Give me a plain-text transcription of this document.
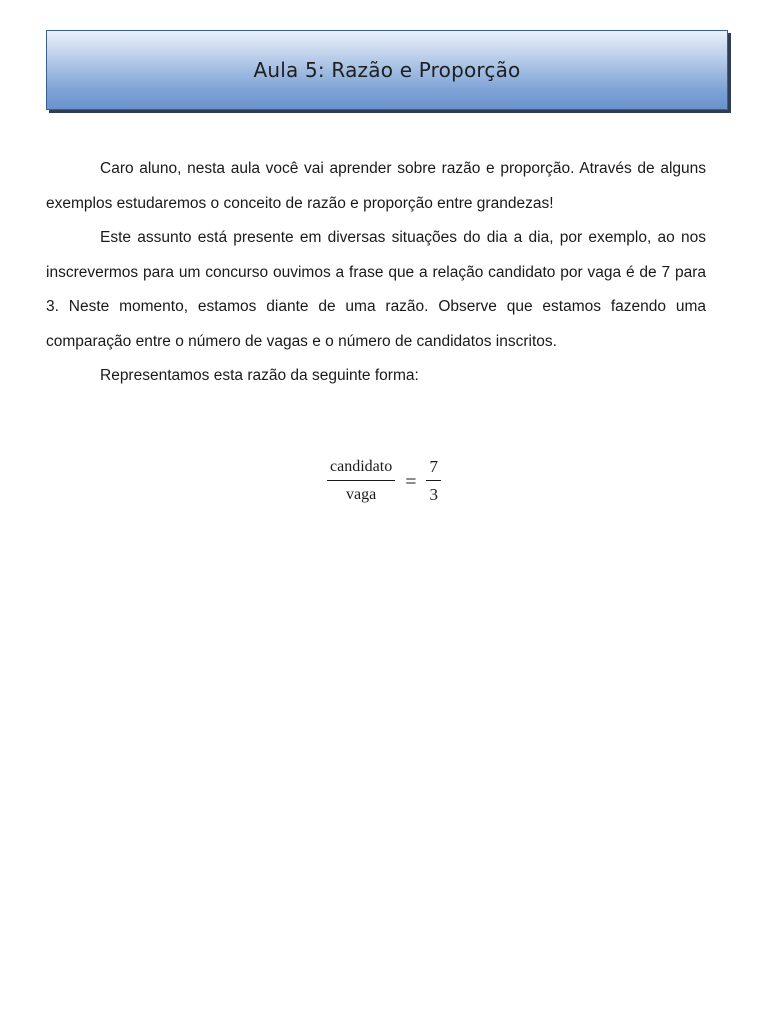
Aula 5: Razão e Proporção

Caro aluno, nesta aula você vai aprender sobre razão e proporção. Através de alguns exemplos estudaremos o conceito de razão e proporção entre grandezas!

Este assunto está presente em diversas situações do dia a dia, por exemplo, ao nos inscrevermos para um concurso ouvimos a frase que a relação candidato por vaga é de 7 para 3. Neste momento, estamos diante de uma razão. Observe que estamos fazendo uma comparação entre o número de vagas e o número de candidatos inscritos.

Representamos esta razão da seguinte forma:

$\frac{\text{candidato}}{\text{vaga}} = \frac{7}{3}$
